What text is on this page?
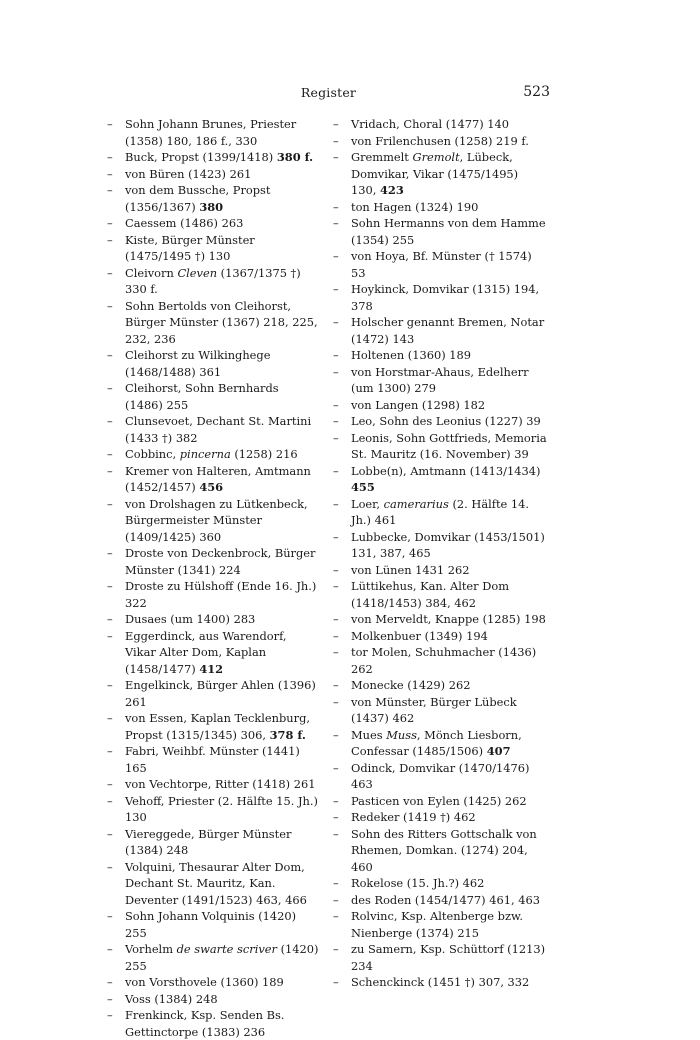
Register	523
– Sohn Johann Brunes, Priester (1358) 180, 186 f., 330
– Buck, Propst (1399/1418) 380 f.
– von Büren (1423) 261
– von dem Bussche, Propst (1356/1367) 380
– Caessem (1486) 263
– Kiste, Bürger Münster (1475/1495 †) 130
– Cleivorn Cleven (1367/1375 †) 330 f.
– Sohn Bertolds von Cleihorst, Bürger Münster (1367) 218, 225, 232, 236
– Cleihorst zu Wilkinghege (1468/1488) 361
– Cleihorst, Sohn Bernhards (1486) 255
– Clunsevoet, Dechant St. Martini (1433 †) 382
– Cobbinc, pincerna (1258) 216
– Kremer von Halteren, Amtmann (1452/1457) 456
– von Drolshagen zu Lütkenbeck, Bürgermeister Münster (1409/1425) 360
– Droste von Deckenbrock, Bürger Münster (1341) 224
– Droste zu Hülshoff (Ende 16. Jh.) 322
– Dusaes (um 1400) 283
– Eggerdinck, aus Warendorf, Vikar Alter Dom, Kaplan (1458/1477) 412
– Engelkinck, Bürger Ahlen (1396) 261
– von Essen, Kaplan Tecklenburg, Propst (1315/1345) 306, 378 f.
– Fabri, Weihbf. Münster (1441) 165
– von Vechtorpe, Ritter (1418) 261
– Vehoff, Priester (2. Hälfte 15. Jh.) 130
– Viereggede, Bürger Münster (1384) 248
– Volquini, Thesaurar Alter Dom, Dechant St. Mauritz, Kan. Deventer (1491/1523) 463, 466
– Sohn Johann Volquinis (1420) 255
– Vorhelm de swarte scriver (1420) 255
– von Vorsthovele (1360) 189
– Voss (1384) 248
– Frenkinck, Ksp. Senden Bs. Gettinctorpe (1383) 236
– Vridach, Choral (1477) 140
– von Frilenchusen (1258) 219 f.
– Gremmelt Gremolt, Lübeck, Domvikar, Vikar (1475/1495) 130, 423
– ton Hagen (1324) 190
– Sohn Hermanns von dem Hamme (1354) 255
– von Hoya, Bf. Münster († 1574) 53
– Hoykinck, Domvikar (1315) 194, 378
– Holscher genannt Bremen, Notar (1472) 143
– Holtenen (1360) 189
– von Horstmar-Ahaus, Edelherr (um 1300) 279
– von Langen (1298) 182
– Leo, Sohn des Leonius (1227) 39
– Leonis, Sohn Gottfrieds, Memoria St. Mauritz (16. November) 39
– Lobbe(n), Amtmann (1413/1434) 455
– Loer, camerarius (2. Hälfte 14. Jh.) 461
– Lubbecke, Domvikar (1453/1501) 131, 387, 465
– von Lünen 1431 262
– Lüttikehus, Kan. Alter Dom (1418/1453) 384, 462
– von Merveldt, Knappe (1285) 198
– Molkenbuer (1349) 194
– tor Molen, Schuhmacher (1436) 262
– Monecke (1429) 262
– von Münster, Bürger Lübeck (1437) 462
– Mues Muss, Mönch Liesborn, Confessar (1485/1506) 407
– Odinck, Domvikar (1470/1476) 463
– Pasticen von Eylen (1425) 262
– Redeker (1419 †) 462
– Sohn des Ritters Gottschalk von Rhemen, Domkan. (1274) 204, 460
– Rokelose (15. Jh.?) 462
– des Roden (1454/1477) 461, 463
– Rolvinc, Ksp. Altenberge bzw. Nienberge (1374) 215
– zu Samern, Ksp. Schüttorf (1213) 234
– Schenckinck (1451 †) 307, 332
